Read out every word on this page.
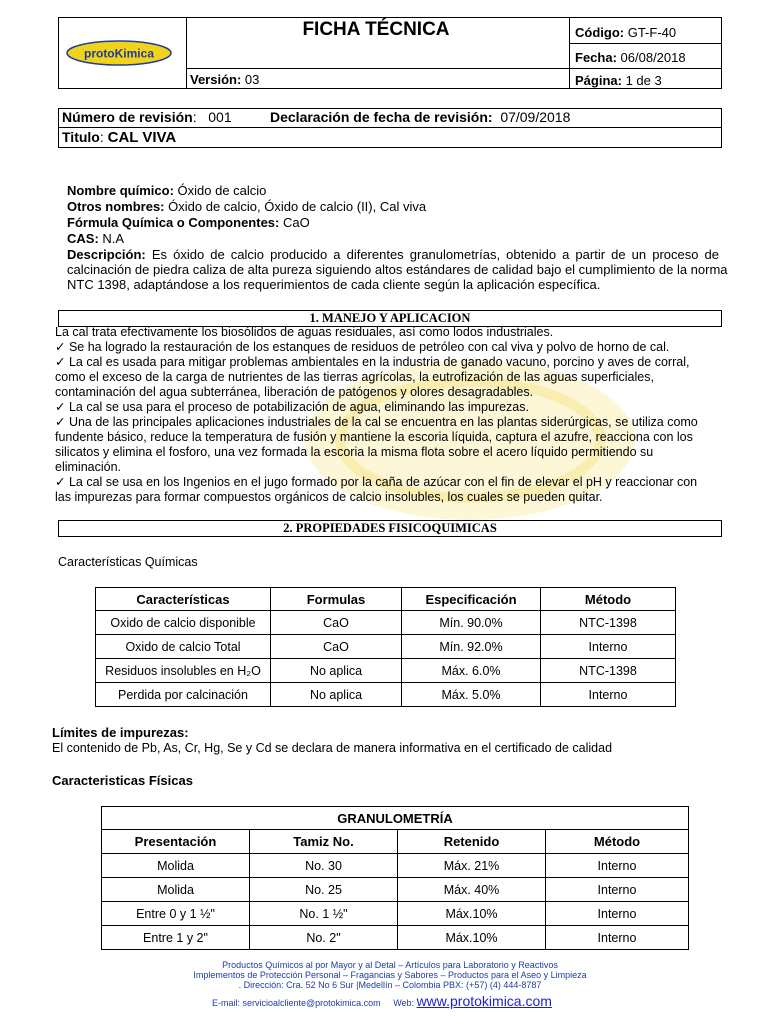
protoKimica
FICHA TÉCNICA
Versión: 03
Código: GT-F-40
Fecha: 06/08/2018
Página: 1 de 3
Número de revisión:   001	Declaración de fecha de revisión: 07/09/2018
Titulo: CAL VIVA
Nombre químico: Óxido de calcio
Otros nombres: Óxido de calcio, Óxido de calcio (II), Cal viva
Fórmula Química o Componentes: CaO
CAS: N.A
Descripción: Es óxido de calcio producido a diferentes granulometrías, obtenido a partir de un proceso de
calcinación de piedra caliza de alta pureza siguiendo altos estándares de calidad bajo el cumplimiento de la norma
NTC 1398, adaptándose a los requerimientos de cada cliente según la aplicación específica.
1. MANEJO Y APLICACION
La cal trata efectivamente los biosólidos de aguas residuales, así como lodos industriales.
✓ Se ha logrado la restauración de los estanques de residuos de petróleo con cal viva y polvo de horno de cal.
✓ La cal es usada para mitigar problemas ambientales en la industria de ganado vacuno, porcino y aves de corral,
como el exceso de la carga de nutrientes de las tierras agrícolas, la eutrofización de las aguas superficiales,
contaminación del agua subterránea, liberación de patógenos y olores desagradables.
✓ La cal se usa para el proceso de potabilización de agua, eliminando las impurezas.
✓ Una de las principales aplicaciones industriales de la cal se encuentra en las plantas siderúrgicas, se utiliza como
fundente básico, reduce la temperatura de fusión y mantiene la escoria líquida, captura el azufre, reacciona con los
silicatos y elimina el fosforo, una vez formada la escoria la misma flota sobre el acero líquido permitiendo su
eliminación.
✓ La cal se usa en los Ingenios en el jugo formado por la caña de azúcar con el fin de elevar el pH y reaccionar con
las impurezas para formar compuestos orgánicos de calcio insolubles, los cuales se pueden quitar.
2. PROPIEDADES FISICOQUIMICAS
Características Químicas
Características	Formulas	Especificación	Método
Oxido de calcio disponible	CaO	Mín. 90.0%	NTC-1398
Oxido de calcio Total	CaO	Mín. 92.0%	Interno
Residuos insolubles en H₂O	No aplica	Máx. 6.0%	NTC-1398
Perdida por calcinación	No aplica	Máx. 5.0%	Interno
Límites de impurezas:
El contenido de Pb, As, Cr, Hg, Se y Cd se declara de manera informativa en el certificado de calidad
Caracteristicas Físicas
GRANULOMETRÍA			
Presentación	Tamiz No.	Retenido	Método
Molida	No. 30	Máx. 21%	Interno
Molida	No. 25	Máx. 40%	Interno
Entre 0 y 1 ½"	No. 1 ½"	Máx.10%	Interno
Entre 1 y 2"	No. 2"	Máx.10%	Interno
Productos Químicos al por Mayor y al Detal – Artículos para Laboratorio y Reactivos
Implementos de Protección Personal – Fragancias y Sabores – Productos para el Aseo y Limpieza
. Dirección: Cra. 52 No 6 Sur |Medellín – Colombia PBX: (+57) (4) 444-8787
E-mail: servicioalcliente@protokimica.com Web: www.protokimica.com
